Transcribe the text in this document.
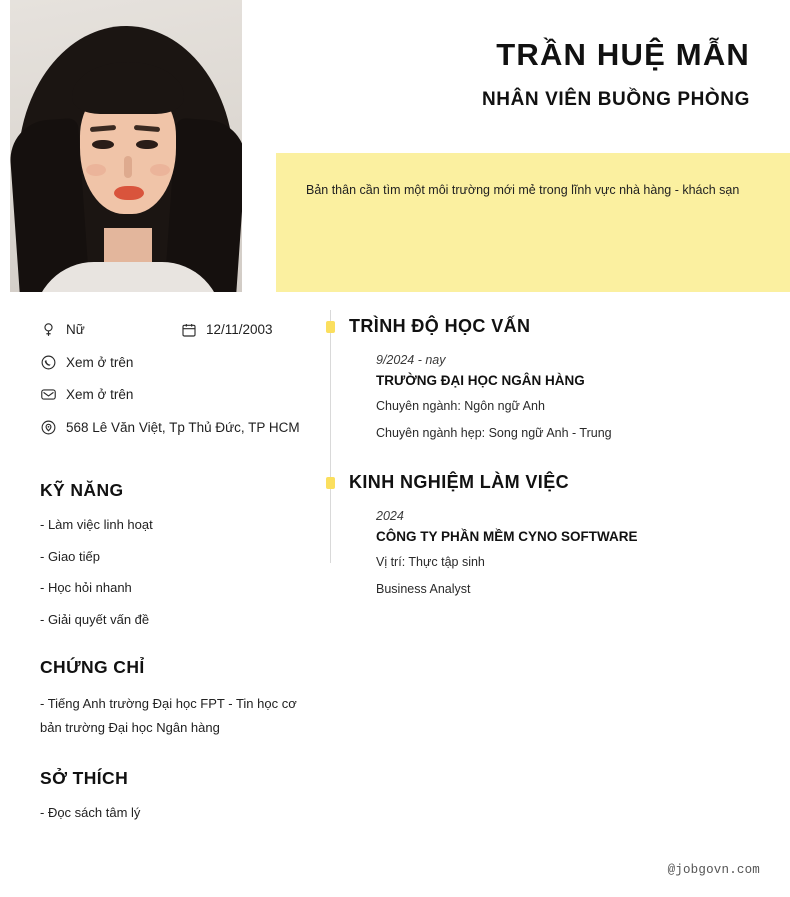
TRẦN HUỆ MẪN
NHÂN VIÊN BUỒNG PHÒNG

Bản thân cần tìm một môi trường mới mẻ trong lĩnh vực nhà hàng - khách sạn

Nữ	12/11/2003
Xem ở trên
Xem ở trên
568 Lê Văn Việt, Tp Thủ Đức, TP HCM
KỸ NĂNG

- Làm việc linh hoạt

- Giao tiếp

- Học hỏi nhanh

- Giải quyết vấn đề

CHỨNG CHỈ

- Tiếng Anh trường Đại học FPT - Tin học cơ bản trường Đại học Ngân hàng

SỞ THÍCH

- Đọc sách tâm lý

TRÌNH ĐỘ HỌC VẤN

9/2024 - nay

TRƯỜNG ĐẠI HỌC NGÂN HÀNG

Chuyên ngành: Ngôn ngữ Anh

Chuyên ngành hẹp: Song ngữ Anh - Trung

KINH NGHIỆM LÀM VIỆC

2024

CÔNG TY PHẦN MỀM CYNO SOFTWARE

Vị trí: Thực tập sinh

Business Analyst

@jobgovn.com
